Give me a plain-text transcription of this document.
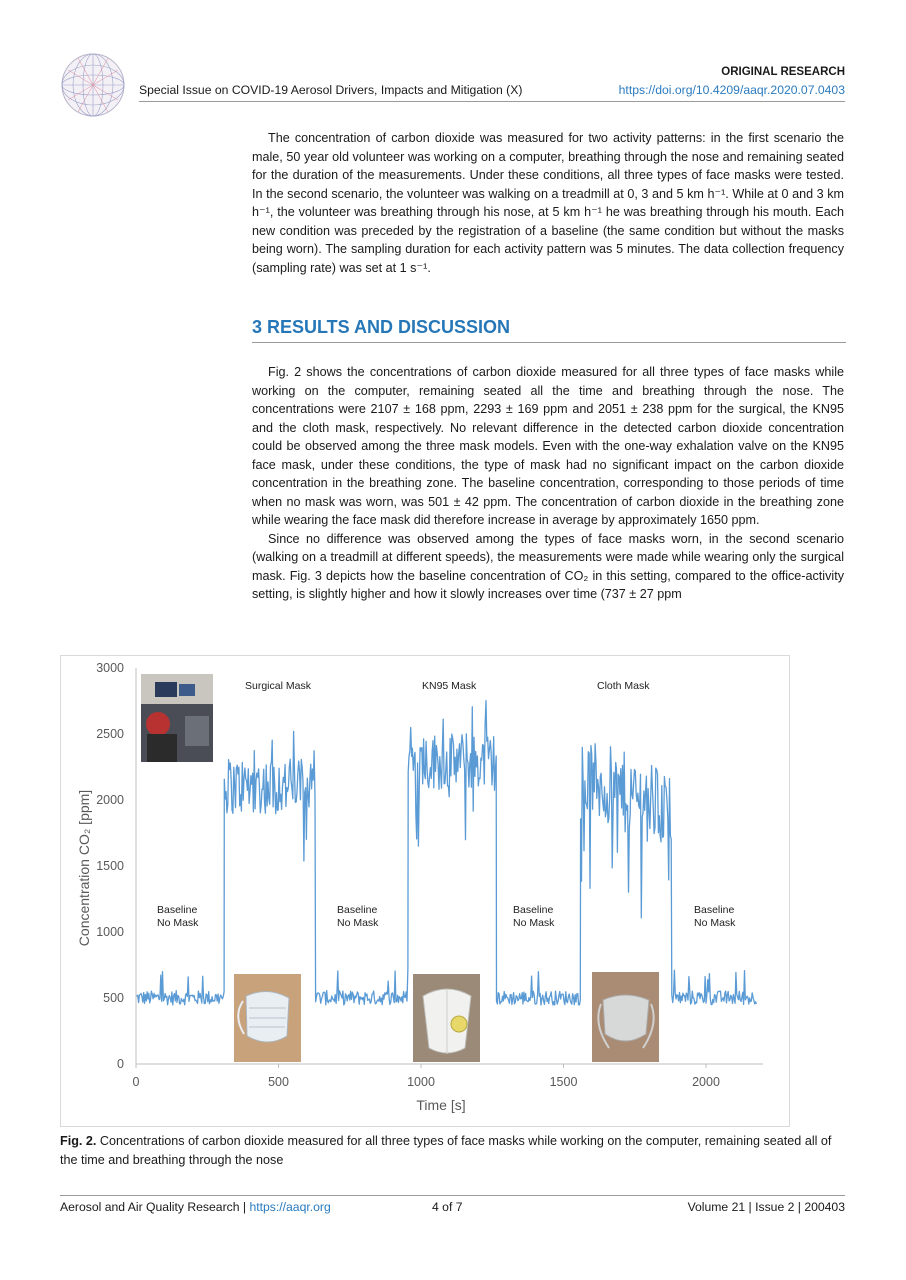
Special Issue on COVID-19 Aerosol Drivers, Impacts and Mitigation (X)
ORIGINAL RESEARCH
https://doi.org/10.4209/aaqr.2020.07.0403

The concentration of carbon dioxide was measured for two activity patterns: in the first scenario the male, 50 year old volunteer was working on a computer, breathing through the nose and remaining seated for the duration of the measurements. Under these conditions, all three types of face masks were tested. In the second scenario, the volunteer was walking on a treadmill at 0, 3 and 5 km h⁻¹. While at 0 and 3 km h⁻¹, the volunteer was breathing through his nose, at 5 km h⁻¹ he was breathing through his mouth. Each new condition was preceded by the registration of a baseline (the same condition but without the masks being worn). The sampling duration for each activity pattern was 5 minutes. The data collection frequency (sampling rate) was set at 1 s⁻¹.

3 RESULTS AND DISCUSSION

Fig. 2 shows the concentrations of carbon dioxide measured for all three types of face masks while working on the computer, remaining seated all the time and breathing through the nose. The concentrations were 2107 ± 168 ppm, 2293 ± 169 ppm and 2051 ± 238 ppm for the surgical, the KN95 and the cloth mask, respectively. No relevant difference in the detected carbon dioxide concentration could be observed among the three mask models. Even with the one-way exhalation valve on the KN95 face mask, under these conditions, the type of mask had no significant impact on the carbon dioxide concentration in the breathing zone. The baseline concentration, corresponding to those periods of time when no mask was worn, was 501 ± 42 ppm. The concentration of carbon dioxide in the breathing zone while wearing the face mask did therefore increase in average by approximately 1650 ppm.

Since no difference was observed among the types of face masks worn, in the second scenario (walking on a treadmill at different speeds), the measurements were made while wearing only the surgical mask. Fig. 3 depicts how the baseline concentration of CO₂ in this setting, compared to the office-activity setting, is slightly higher and how it slowly increases over time (737 ± 27 ppm

0
500
1000
1500
2000
2500
3000
0	500	1000	1500	2000
Surgical Mask	KN95 Mask	Cloth Mask
Baseline
No Mask
Baseline
No Mask
Baseline
No Mask
Baseline
No Mask
Time [s]
Concentration CO₂ [ppm]
Fig. 2. Concentrations of carbon dioxide measured for all three types of face masks while working on the computer, remaining seated all of the time and breathing through the nose
Aerosol and Air Quality Research | https://aaqr.org	4 of 7	Volume 21 | Issue 2 | 200403
